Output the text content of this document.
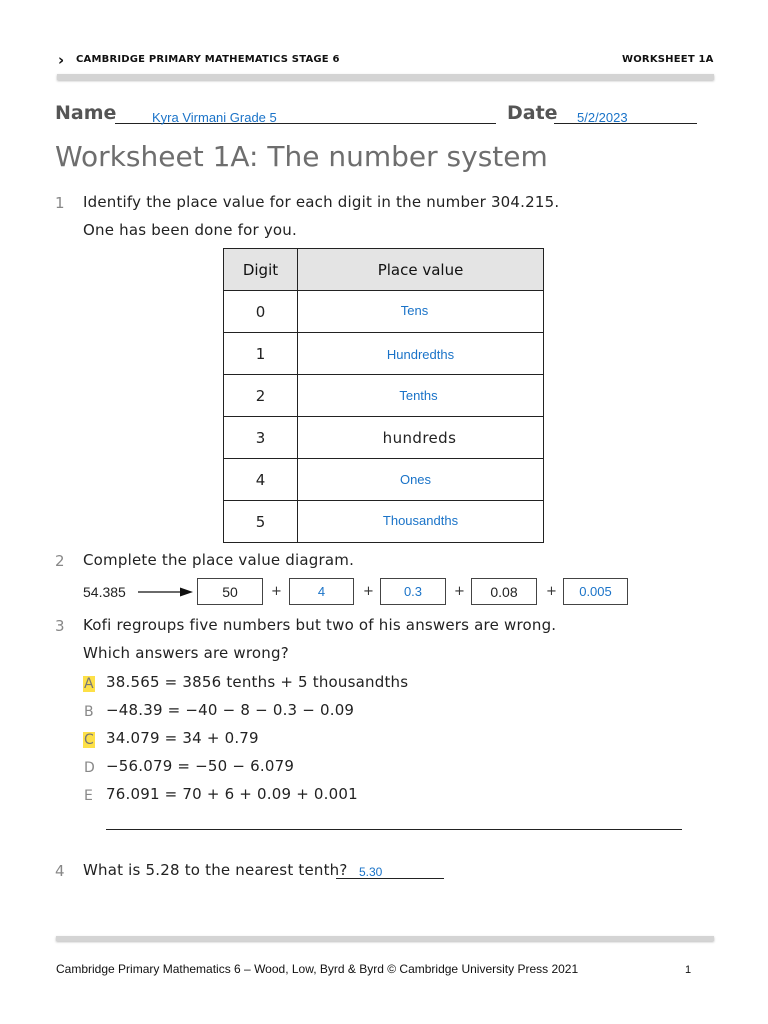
› CAMBRIDGE PRIMARY MATHEMATICS STAGE 6	WORKSHEET 1A
Name	Kyra Virmani Grade 5	Date 5/2/2023
Worksheet 1A: The number system
1 Identify the place value for each digit in the number 304.215.
One has been done for you.
Digit	Place value
0	Tens
1	Hundredths
2	Tenths
3	hundreds
4	Ones
5	Thousandths
2 Complete the place value diagram.
54.385	50	+	4	+	0.3	+	0.08	+	0.005
3 Kofi regroups five numbers but two of his answers are wrong.
Which answers are wrong?
A 38.565 = 3856 tenths + 5 thousandths
B −48.39 = −40 − 8 − 0.3 − 0.09
C 34.079 = 34 + 0.79
D −56.079 = −50 − 6.079
E 76.091 = 70 + 6 + 0.09 + 0.001
4 What is 5.28 to the nearest tenth? 5.30
Cambridge Primary Mathematics 6 – Wood, Low, Byrd & Byrd © Cambridge University Press 2021	1
